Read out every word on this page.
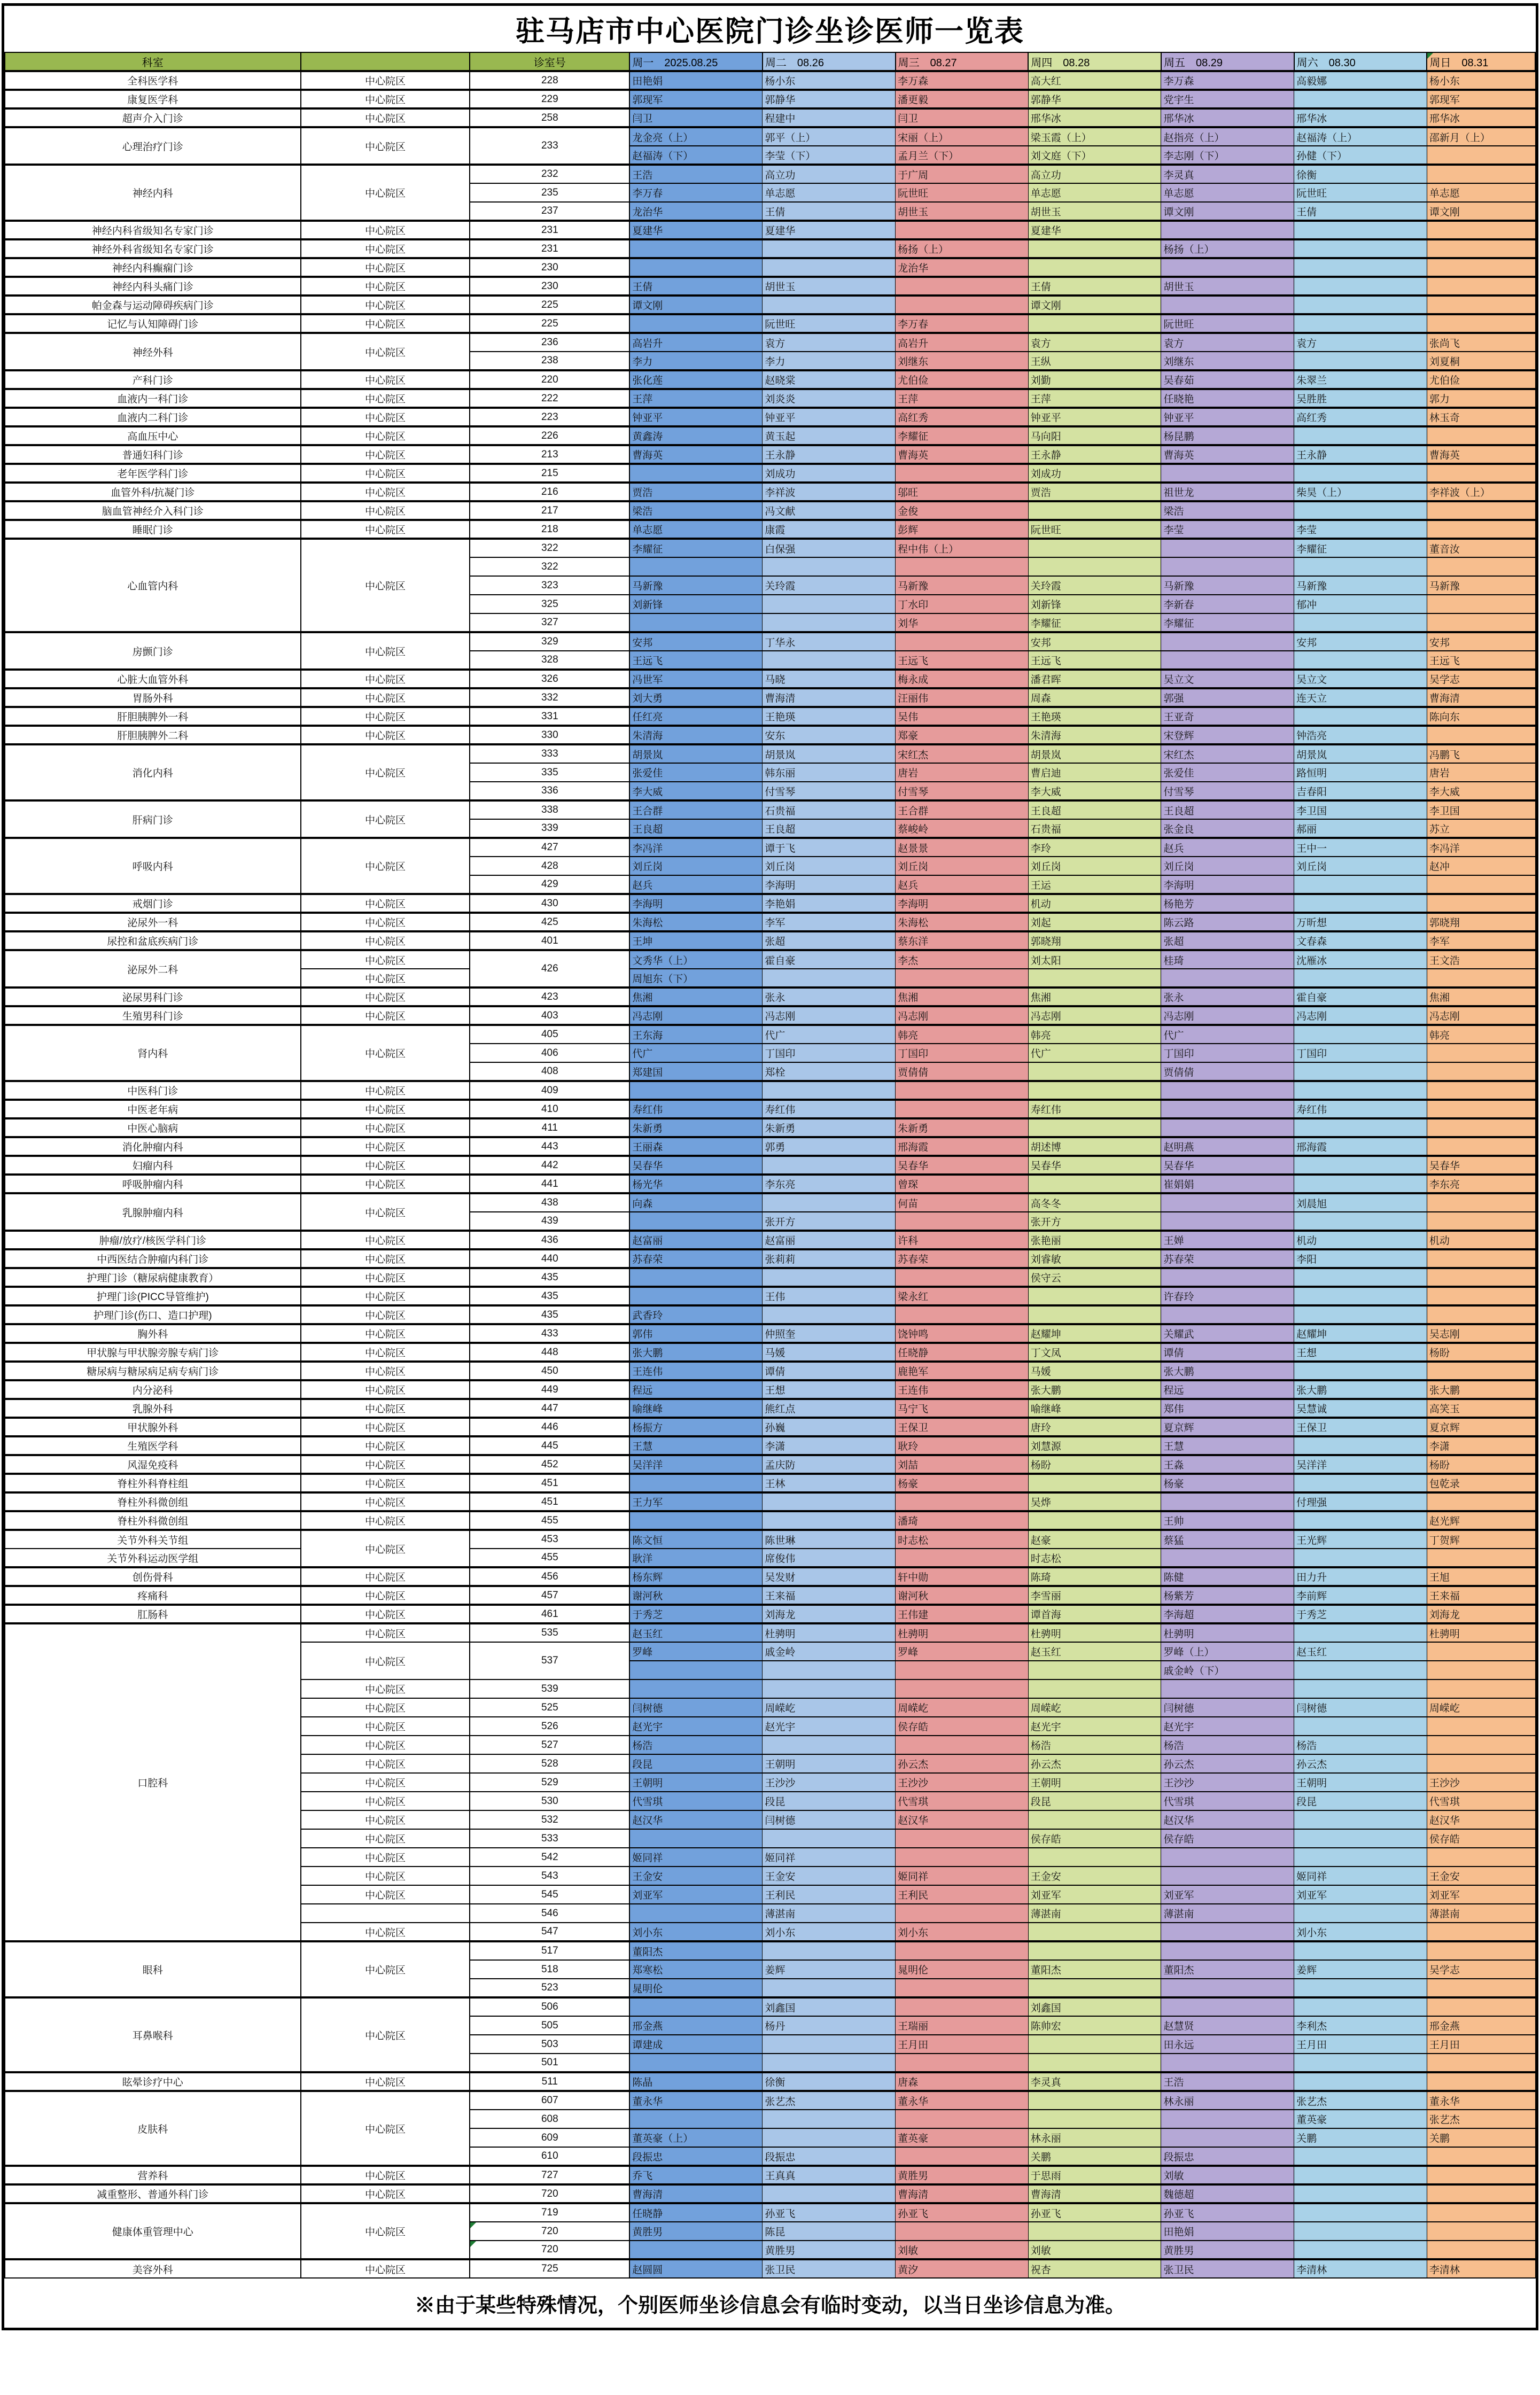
驻马店市中心医院门诊坐诊医师一览表
科室		诊室号	周一　2025.08.25	周二　08.26	周三　08.27	周四　08.28	周五　08.29	周六　08.30	周日　08.31
全科医学科	中心院区	228	田艳娟	杨小东	李万森	高大红	李万森	高毅娜	杨小东
康复医学科	中心院区	229	郭现军	郭静华	潘更毅	郭静华	党宇生		郭现军
超声介入门诊	中心院区	258	闫卫	程建中	闫卫	邢华冰	邢华冰	邢华冰	邢华冰
心理治疗门诊	中心院区	233	龙金亮（上）	郭平（上）	宋丽（上）	梁玉霞（上）	赵指亮（上）	赵福涛（上）	邵新月（上）
			赵福涛（下）	李莹（下）	孟月兰（下）	刘文庭（下）	李志刚（下）	孙健（下）	
神经内科	中心院区	232	王浩	高立功	于广周	高立功	李灵真	徐衡	
		235	李万春	单志愿	阮世旺	单志愿	单志愿	阮世旺	单志愿
		237	龙治华	王倩	胡世玉	胡世玉	谭文刚	王倩	谭文刚
神经内科省级知名专家门诊	中心院区	231	夏建华	夏建华		夏建华			
神经外科省级知名专家门诊	中心院区	231			杨扬（上）		杨扬（上）		
神经内科癫痫门诊	中心院区	230			龙治华				
神经内科头痛门诊	中心院区	230	王倩	胡世玉		王倩	胡世玉		
帕金森与运动障碍疾病门诊	中心院区	225	谭文刚			谭文刚			
记忆与认知障碍门诊	中心院区	225		阮世旺	李万春		阮世旺		
神经外科	中心院区	236	高岩升	袁方	高岩升	袁方	袁方	袁方	张尚飞
		238	李力	李力	刘继东	王纵	刘继东		刘夏桐
产科门诊	中心院区	220	张化莲	赵晓棠	尤伯俭	刘勤	吴春茹	朱翠兰	尤伯俭
血液内一科门诊	中心院区	222	王萍	刘炎炎	王萍	王萍	任晓艳	吴胜胜	郭力
血液内二科门诊	中心院区	223	钟亚平	钟亚平	高红秀	钟亚平	钟亚平	高红秀	林玉奇
高血压中心	中心院区	226	黄鑫涛	黄玉起	李耀征	马向阳	杨昆鹏		
普通妇科门诊	中心院区	213	曹海英	王永静	曹海英	王永静	曹海英	王永静	曹海英
老年医学科门诊	中心院区	215		刘成功		刘成功			
血管外科/抗凝门诊	中心院区	216	贾浩	李祥波	邬旺	贾浩	祖世龙	柴昊（上）	李祥波（上）
脑血管神经介入科门诊	中心院区	217	梁浩	冯文献	金俊		梁浩		
睡眠门诊	中心院区	218	单志愿	康霞	彭辉	阮世旺	李莹	李莹	
心血管内科	中心院区	322	李耀征	白保强	程中伟（上）			李耀征	董音汝
		322							
		323	马新豫	关玲霞	马新豫	关玲霞	马新豫	马新豫	马新豫
		325	刘新锋		丁水印	刘新锋	李新春	郁冲	
		327			刘华	李耀征	李耀征		
房颤门诊	中心院区	329	安邦	丁华永		安邦		安邦	安邦
		328	王远飞		王远飞	王远飞			王远飞
心脏大血管外科	中心院区	326	冯世军	马晓	梅永成	潘君晖	吴立文	吴立文	吴学志
胃肠外科	中心院区	332	刘大勇	曹海清	汪丽伟	周森	郭强	连天立	曹海清
肝胆胰脾外一科	中心院区	331	任红亮	王艳瑛	吴伟	王艳瑛	王亚奇		陈向东
肝胆胰脾外二科	中心院区	330	朱清海	安东	郑豪	朱清海	宋登辉	钟浩亮	
消化内科	中心院区	333	胡景岚	胡景岚	宋红杰	胡景岚	宋红杰	胡景岚	冯鹏飞
		335	张爱佳	韩东丽	唐岩	曹启迪	张爱佳	路恒明	唐岩
		336	李大威	付雪琴	付雪琴	李大威	付雪琴	吉春阳	李大威
肝病门诊	中心院区	338	王合群	石贵福	王合群	王良超	王良超	李卫国	李卫国
		339	王良超	王良超	蔡峻岭	石贵福	张金良	郝丽	苏立
呼吸内科	中心院区	427	李冯洋	谭于飞	赵景景	李玲	赵兵	王中一	李冯洋
		428	刘丘岗	刘丘岗	刘丘岗	刘丘岗	刘丘岗	刘丘岗	赵冲
		429	赵兵	李海明	赵兵	王运	李海明		
戒烟门诊	中心院区	430	李海明	李艳娟	李海明	机动	杨艳芳		
泌尿外一科	中心院区	425	朱海松	李军	朱海松	刘起	陈云路	万昕想	郭晓翔
尿控和盆底疾病门诊	中心院区	401	王坤	张超	蔡东洋	郭晓翔	张超	文春森	李军
泌尿外二科	中心院区	426	文秀华（上）	霍自豪	李杰	刘太阳	桂琦	沈雁冰	王文浩
	中心院区		周旭东（下）						
泌尿男科门诊	中心院区	423	焦湘	张永	焦湘	焦湘	张永	霍自豪	焦湘
生殖男科门诊	中心院区	403	冯志刚	冯志刚	冯志刚	冯志刚	冯志刚	冯志刚	冯志刚
肾内科	中心院区	405	王东海	代广	韩亮	韩亮	代广		韩亮
		406	代广	丁国印	丁国印	代广	丁国印	丁国印	
		408	郑建国	郑栓	贾倩倩		贾倩倩		
中医科门诊	中心院区	409							
中医老年病	中心院区	410	寿红伟	寿红伟		寿红伟		寿红伟	
中医心脑病	中心院区	411	朱新勇	朱新勇	朱新勇				
消化肿瘤内科	中心院区	443	王丽森	郭勇	邢海霞	胡述博	赵明燕	邢海霞	
妇瘤内科	中心院区	442	吴春华		吴春华	吴春华	吴春华		吴春华
呼吸肿瘤内科	中心院区	441	杨光华	李东亮	曾琛		崔娟娟		李东亮
乳腺肿瘤内科	中心院区	438	向森		何苗	高冬冬		刘晨旭	
		439		张开方		张开方			
肿瘤/放疗/核医学科门诊	中心院区	436	赵富丽	赵富丽	许科	张艳丽	王婵	机动	机动
中西医结合肿瘤内科门诊	中心院区	440	苏春荣	张莉莉	苏春荣	刘睿敏	苏春荣	李阳	
护理门诊（糖尿病健康教育）	中心院区	435				侯守云			
护理门诊(PICC导管维护)	中心院区	435		王伟	梁永红		许春玲		
护理门诊(伤口、造口护理)	中心院区	435	武香玲						
胸外科	中心院区	433	郭伟	仲照奎	饶钟鸣	赵耀坤	关耀武	赵耀坤	吴志刚
甲状腺与甲状腺旁腺专病门诊	中心院区	448	张大鹏	马媛	任晓静	丁文凤	谭倩	王想	杨盼
糖尿病与糖尿病足病专病门诊	中心院区	450	王连伟	谭倩	鹿艳军	马媛	张大鹏		
内分泌科	中心院区	449	程远	王想	王连伟	张大鹏	程远	张大鹏	张大鹏
乳腺外科	中心院区	447	喻继峰	熊红点	马宁飞	喻继峰	郑伟	吴慧诚	高笑玉
甲状腺外科	中心院区	446	杨振方	孙巍	王保卫	唐玲	夏京辉	王保卫	夏京辉
生殖医学科	中心院区	445	王慧	李潇	耿玲	刘慧源	王慧		李潇
风湿免疫科	中心院区	452	吴洋洋	孟庆防	刘喆	杨盼	王淼	吴洋洋	杨盼
脊柱外科脊柱组	中心院区	451		王林	杨豪		杨豪		包乾录
脊柱外科微创组	中心院区	451	王力军			吴烨		付理强	
脊柱外科微创组	中心院区	455			潘琦		王帅		赵光辉
关节外科关节组	中心院区	453	陈文恒	陈世琳	时志松	赵豪	蔡猛	王光辉	丁贺辉
关节外科运动医学组		455	耿洋	席俊伟		时志松			
创伤骨科	中心院区	456	杨东辉	吴发财	轩中勋	陈琦	陈健	田力升	王旭
疼痛科	中心院区	457	谢河秋	王来福	谢河秋	李雪丽	杨紫芳	李前辉	王来福
肛肠科	中心院区	461	于秀芝	刘海龙	王伟建	谭首海	李海超	于秀芝	刘海龙
口腔科	中心院区	535	赵玉红	杜骋明	杜骋明	杜骋明	杜骋明		杜骋明
	中心院区	537	罗峰	戚金岭	罗峰	赵玉红	罗峰（上）	赵玉红	
							戚金岭（下）		
	中心院区	539							
	中心院区	525	闫树德	周嵘屹	周嵘屹	周嵘屹	闫树德	闫树德	周嵘屹
	中心院区	526	赵光宇	赵光宇	侯存皓	赵光宇	赵光宇		
	中心院区	527	杨浩			杨浩	杨浩	杨浩	
	中心院区	528	段昆	王朝明	孙云杰	孙云杰	孙云杰	孙云杰	
	中心院区	529	王朝明	王沙沙	王沙沙	王朝明	王沙沙	王朝明	王沙沙
	中心院区	530	代雪琪	段昆	代雪琪	段昆	代雪琪	段昆	代雪琪
	中心院区	532	赵汉华	闫树德	赵汉华		赵汉华		赵汉华
	中心院区	533				侯存皓	侯存皓		侯存皓
	中心院区	542	姬同祥	姬同祥					
	中心院区	543	王金安	王金安	姬同祥	王金安		姬同祥	王金安
	中心院区	545	刘亚军	王利民	王利民	刘亚军	刘亚军	刘亚军	刘亚军
		546		薄湛南		薄湛南	薄湛南		薄湛南
	中心院区	547	刘小东	刘小东	刘小东			刘小东	
眼科	中心院区	517	董阳杰						
		518	郑寒松	姜辉	晁明伦	董阳杰	董阳杰	姜辉	吴学志
		523	晁明伦						
耳鼻喉科	中心院区	506		刘鑫国		刘鑫国			
		505	邢金燕	杨丹	王瑞丽	陈帅宏	赵慧贤	李利杰	邢金燕
		503	谭建成		王月田		田永远	王月田	王月田
		501							
眩晕诊疗中心	中心院区	511	陈晶	徐衡	唐森	李灵真	王浩		
皮肤科	中心院区	607	董永华	张艺杰	董永华		林永丽	张艺杰	董永华
		608						董英豪	张艺杰
		609	董英豪（上）		董英豪	林永丽		关鹏	关鹏
		610	段振忠	段振忠		关鹏	段振忠		
营养科	中心院区	727	乔飞	王真真	黄胜男	于思雨	刘敏		
减重整形、普通外科门诊	中心院区	720	曹海清		曹海清	曹海清	魏德超		
健康体重管理中心	中心院区	719	任晓静	孙亚飞	孙亚飞	孙亚飞	孙亚飞		
		720	黄胜男	陈昆			田艳娟		
		720		黄胜男	刘敏	刘敏	黄胜男		
美容外科	中心院区	725	赵圆圆	张卫民	黄汐	祝杏	张卫民	李清林	李清林
※由于某些特殊情况，个别医师坐诊信息会有临时变动，以当日坐诊信息为准。
